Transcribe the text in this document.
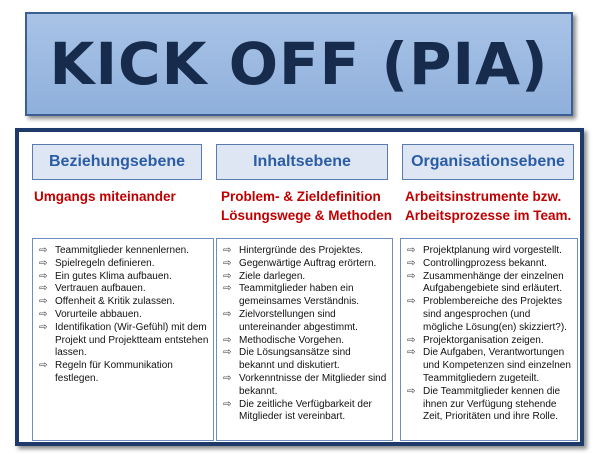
KICK OFF (PIA)
Beziehungsebene
Umgangs miteinander
⇨ Teammitglieder kennenlernen.
⇨ Spielregeln definieren.
⇨ Ein gutes Klima aufbauen.
⇨ Vertrauen aufbauen.
⇨ Offenheit & Kritik zulassen.
⇨ Vorurteile abbauen.
⇨ Identifikation (Wir-Gefühl) mit dem Projekt und Projektteam entstehen lassen.
⇨ Regeln für Kommunikation festlegen.
Inhaltsebene
Problem- & Zieldefinition
Lösungswege & Methoden
⇨ Hintergründe des Projektes.
⇨ Gegenwärtige Auftrag erörtern.
⇨ Ziele darlegen.
⇨ Teammitglieder haben ein gemeinsames Verständnis.
⇨ Zielvorstellungen sind untereinander abgestimmt.
⇨ Methodische Vorgehen.
⇨ Die Lösungsansätze sind bekannt und diskutiert.
⇨ Vorkenntnisse der Mitglieder sind bekannt.
⇨ Die zeitliche Verfügbarkeit der Mitglieder ist vereinbart.
Organisationsebene
Arbeitsinstrumente bzw.
Arbeitsprozesse im Team.
⇨ Projektplanung wird vorgestellt.
⇨ Controllingprozess bekannt.
⇨ Zusammenhänge der einzelnen Aufgabengebiete sind erläutert.
⇨ Problembereiche des Projektes sind angesprochen (und mögliche Lösung(en) skizziert?).
⇨ Projektorganisation zeigen.
⇨ Die Aufgaben, Verantwortungen und Kompetenzen sind einzelnen Teammitgliedern zugeteilt.
⇨ Die Teammitglieder kennen die ihnen zur Verfügung stehende Zeit, Prioritäten und ihre Rolle.
